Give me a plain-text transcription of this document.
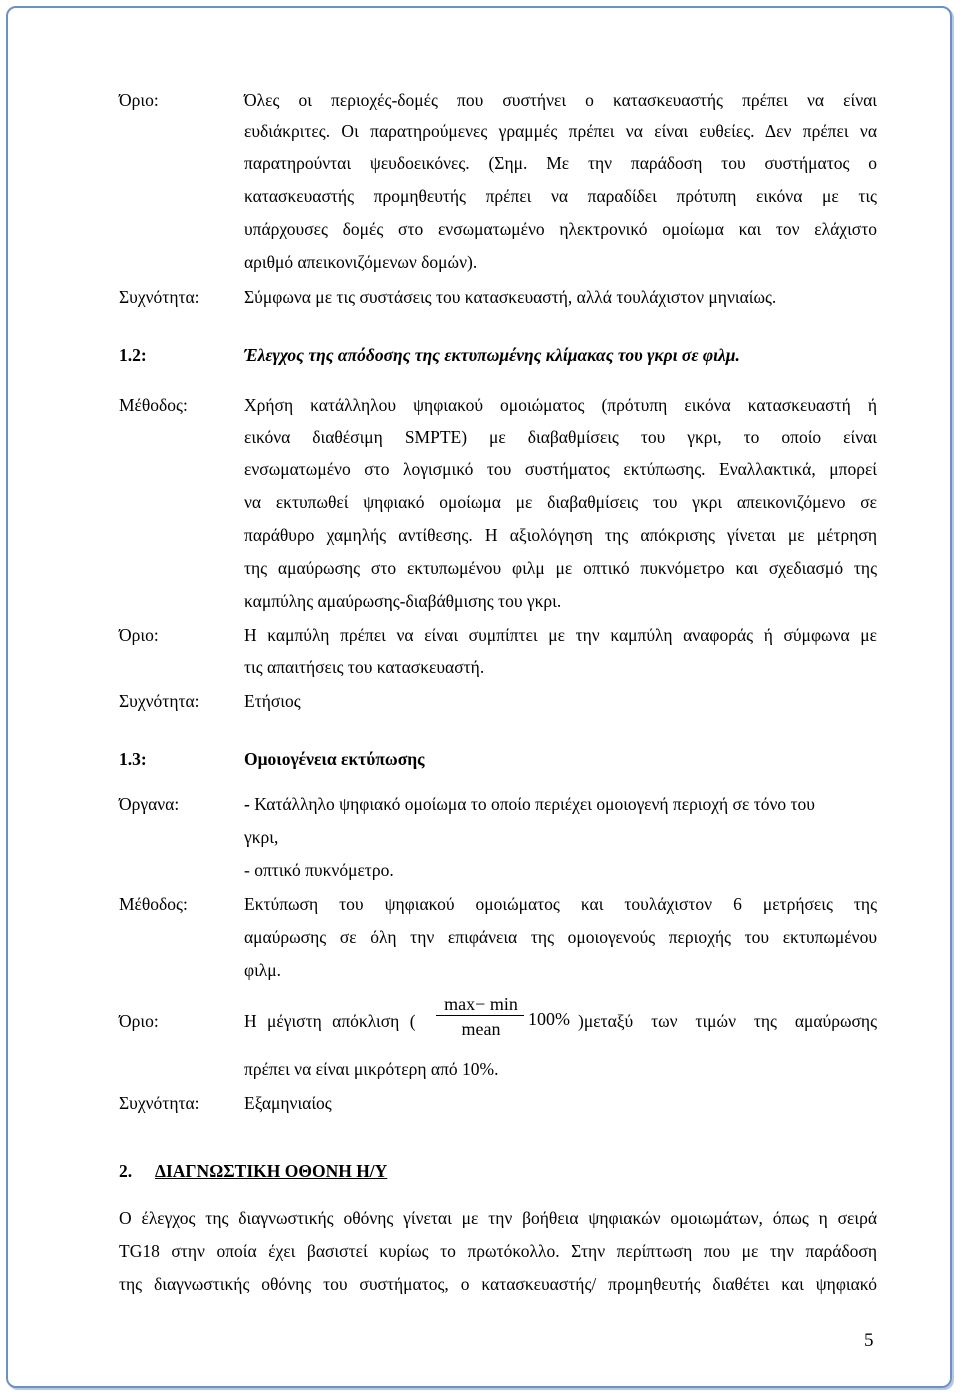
Όριο:	Όλες οι περιοχές-δομές που συστήνει ο κατασκευαστής πρέπει να είναι
ευδιάκριτες. Οι παρατηρούμενες γραμμές πρέπει να είναι ευθείες. Δεν πρέπει να
παρατηρούνται ψευδοεικόνες. (Σημ. Με την παράδοση του συστήματος ο
κατασκευαστής προμηθευτής πρέπει να παραδίδει πρότυπη εικόνα με τις
υπάρχουσες δομές στο ενσωματωμένο ηλεκτρονικό ομοίωμα και τον ελάχιστο
αριθμό απεικονιζόμενων δομών).
Συχνότητα:	Σύμφωνα με τις συστάσεις του κατασκευαστή, αλλά τουλάχιστον μηνιαίως.
1.2:	Έλεγχος της απόδοσης της εκτυπωμένης κλίμακας του γκρι σε φιλμ.
Μέθοδος:	Χρήση κατάλληλου ψηφιακού ομοιώματος (πρότυπη εικόνα κατασκευαστή ή
εικόνα διαθέσιμη SMPTE) με διαβαθμίσεις του γκρι, το οποίο είναι
ενσωματωμένο στο λογισμικό του συστήματος εκτύπωσης. Εναλλακτικά, μπορεί
να εκτυπωθεί ψηφιακό ομοίωμα με διαβαθμίσεις του γκρι απεικονιζόμενο σε
παράθυρο χαμηλής αντίθεσης. Η αξιολόγηση της απόκρισης γίνεται με μέτρηση
της αμαύρωσης στο εκτυπωμένου φιλμ με οπτικό πυκνόμετρο και σχεδιασμό της
καμπύλης αμαύρωσης-διαβάθμισης του γκρι.
Όριο:	Η καμπύλη πρέπει να είναι συμπίπτει με την καμπύλη αναφοράς ή σύμφωνα με
τις απαιτήσεις του κατασκευαστή.
Συχνότητα:	Ετήσιος
1.3:	Ομοιογένεια εκτύπωσης
Όργανα:	- Κατάλληλο ψηφιακό ομοίωμα το οποίο περιέχει ομοιογενή περιοχή σε τόνο του
γκρι,
- οπτικό πυκνόμετρο.
Μέθοδος:	Εκτύπωση του ψηφιακού ομοιώματος και τουλάχιστον 6 μετρήσεις της
αμαύρωσης σε όλη την επιφάνεια της ομοιογενούς περιοχής του εκτυπωμένου
φιλμ.
Όριο:	Η μέγιστη απόκλιση (
max− min
mean	100% )μεταξύ των τιμών της αμαύρωσης
πρέπει να είναι μικρότερη από 10%.
Συχνότητα:	Εξαμηνιαίος
2. ΔΙΑΓΝΩΣΤΙΚΗ ΟΘΟΝΗ Η/Υ
Ο έλεγχος της διαγνωστικής οθόνης γίνεται με την βοήθεια ψηφιακών ομοιωμάτων, όπως η σειρά
TG18 στην οποία έχει βασιστεί κυρίως το πρωτόκολλο. Στην περίπτωση που με την παράδοση
της διαγνωστικής οθόνης του συστήματος, ο κατασκευαστής/ προμηθευτής διαθέτει και ψηφιακό
5
